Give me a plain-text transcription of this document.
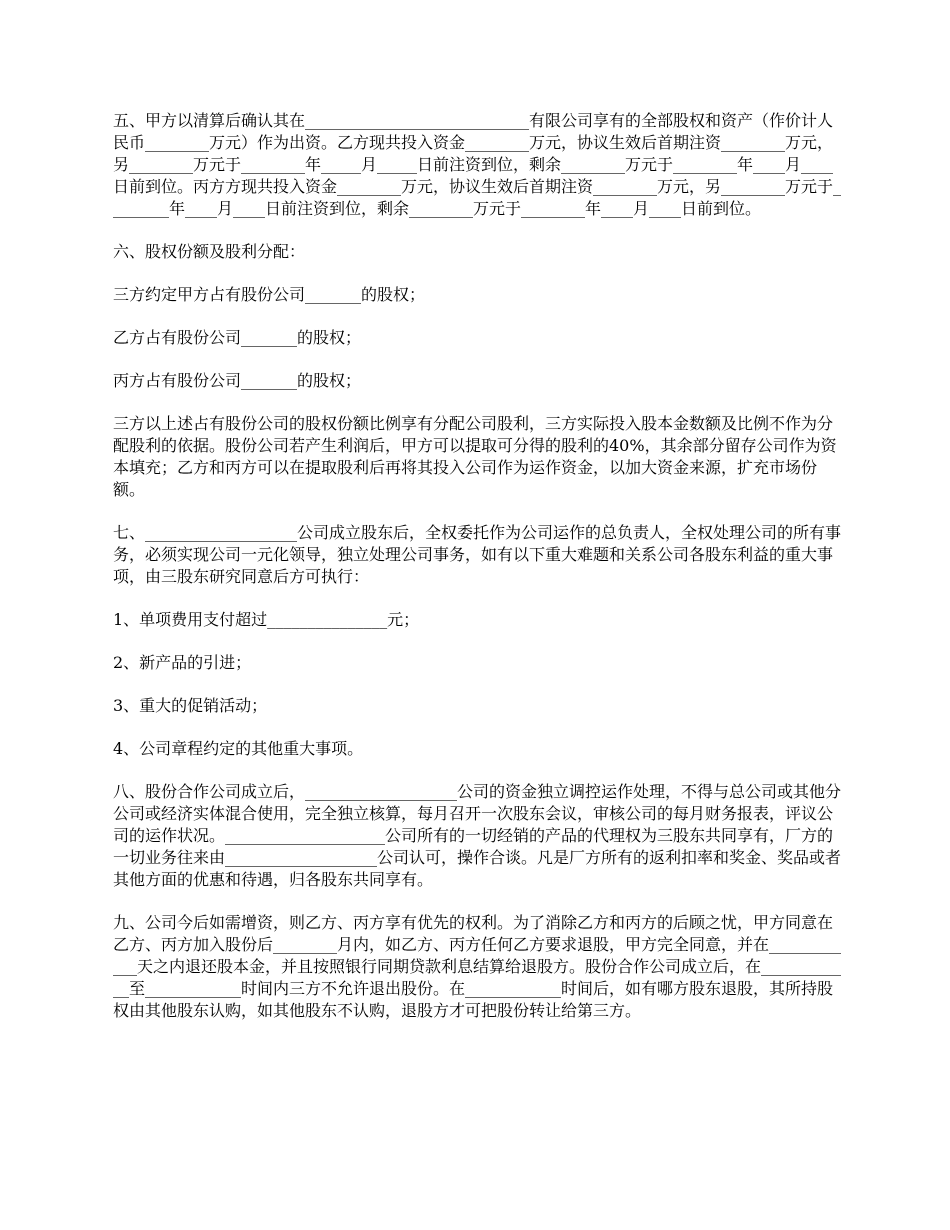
五、甲方以清算后确认其在____________________________有限公司享有的全部股权和资产（作价计人民币________万元）作为出资。乙方现共投入资金________万元，协议生效后首期注资________万元，另________万元于________年_____月_____日前注资到位，剩余________万元于________年____月____日前到位。丙方方现共投入资金________万元，协议生效后首期注资________万元，另________万元于________年____月____日前注资到位，剩余________万元于________年____月____日前到位。

六、股权份额及股利分配：

三方约定甲方占有股份公司_______的股权；

乙方占有股份公司_______的股权；

丙方占有股份公司_______的股权；

三方以上述占有股份公司的股权份额比例享有分配公司股利，三方实际投入股本金数额及比例不作为分配股利的依据。股份公司若产生利润后，甲方可以提取可分得的股利的40%，其余部分留存公司作为资本填充；乙方和丙方可以在提取股利后再将其投入公司作为运作资金，以加大资金来源，扩充市场份额。

七、___________________公司成立股东后，全权委托作为公司运作的总负责人，全权处理公司的所有事务，必须实现公司一元化领导，独立处理公司事务，如有以下重大难题和关系公司各股东利益的重大事项，由三股东研究同意后方可执行：

1、单项费用支付超过_______________元；

2、新产品的引进；

3、重大的促销活动；

4、公司章程约定的其他重大事项。

八、股份合作公司成立后，___________________公司的资金独立调控运作处理，不得与总公司或其他分公司或经济实体混合使用，完全独立核算，每月召开一次股东会议，审核公司的每月财务报表，评议公司的运作状况。____________________公司所有的一切经销的产品的代理权为三股东共同享有，厂方的一切业务往来由___________________公司认可，操作合谈。凡是厂方所有的返利扣率和奖金、奖品或者其他方面的优惠和待遇，归各股东共同享有。

九、公司今后如需增资，则乙方、丙方享有优先的权利。为了消除乙方和丙方的后顾之忧，甲方同意在乙方、丙方加入股份后________月内，如乙方、丙方任何乙方要求退股，甲方完全同意，并在____________天之内退还股本金，并且按照银行同期贷款利息结算给退股方。股份合作公司成立后，在____________至____________时间内三方不允许退出股份。在____________时间后，如有哪方股东退股，其所持股权由其他股东认购，如其他股东不认购，退股方才可把股份转让给第三方。
